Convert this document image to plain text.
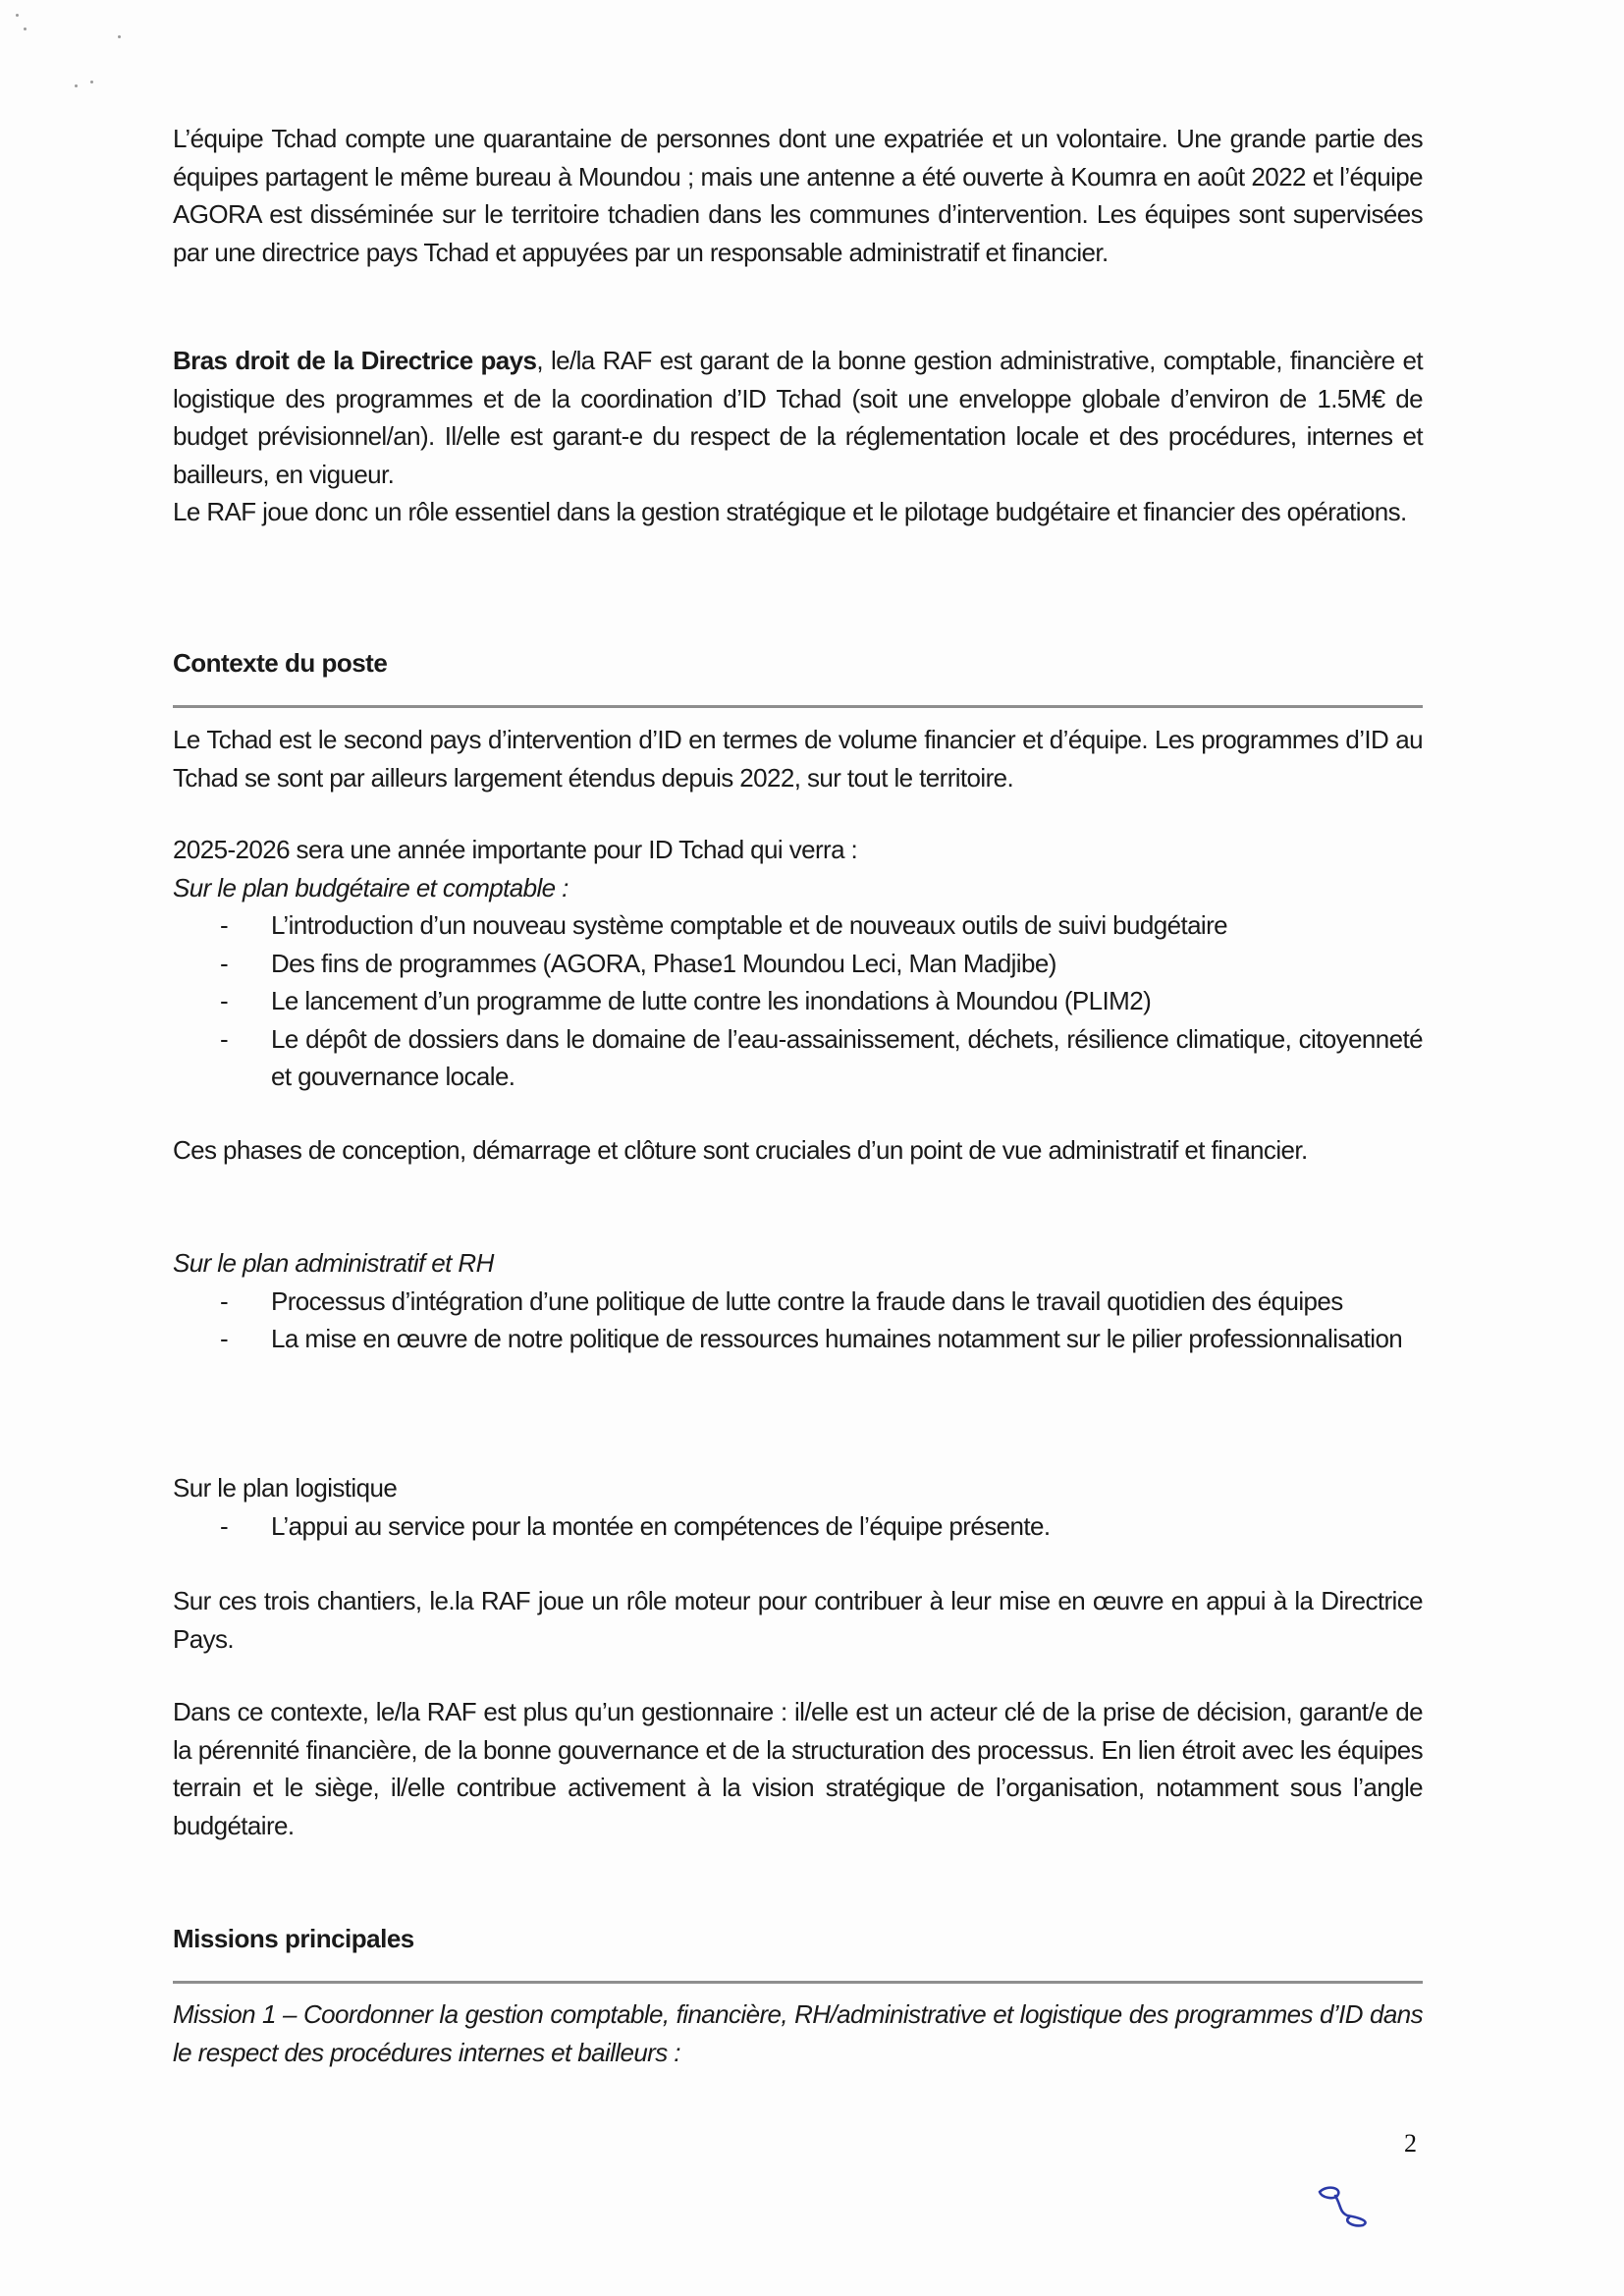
L’équipe Tchad compte une quarantaine de personnes dont une expatriée et un volontaire. Une grande partie des équipes partagent le même bureau à Moundou ; mais une antenne a été ouverte à Koumra en août 2022 et l’équipe AGORA est disséminée sur le territoire tchadien dans les communes d’intervention. Les équipes sont supervisées par une directrice pays Tchad et appuyées par un responsable administratif et financier.

Bras droit de la Directrice pays, le/la RAF est garant de la bonne gestion administrative, comptable, financière et logistique des programmes et de la coordination d’ID Tchad (soit une enveloppe globale d’environ de 1.5M€ de budget prévisionnel/an). Il/elle est garant-e du respect de la réglementation locale et des procédures, internes et bailleurs, en vigueur.

Le RAF joue donc un rôle essentiel dans la gestion stratégique et le pilotage budgétaire et financier des opérations.

Contexte du poste

Le Tchad est le second pays d’intervention d’ID en termes de volume financier et d’équipe. Les programmes d’ID au Tchad se sont par ailleurs largement étendus depuis 2022, sur tout le territoire.

2025-2026 sera une année importante pour ID Tchad qui verra :

Sur le plan budgétaire et comptable :

- L’introduction d’un nouveau système comptable et de nouveaux outils de suivi budgétaire
- Des fins de programmes (AGORA, Phase1 Moundou Leci, Man Madjibe)
- Le lancement d’un programme de lutte contre les inondations à Moundou (PLIM2)
- Le dépôt de dossiers dans le domaine de l’eau-assainissement, déchets, résilience climatique, citoyenneté et gouvernance locale.

Ces phases de conception, démarrage et clôture sont cruciales d’un point de vue administratif et financier.

Sur le plan administratif et RH

- Processus d’intégration d’une politique de lutte contre la fraude dans le travail quotidien des équipes
- La mise en œuvre de notre politique de ressources humaines notamment sur le pilier professionnalisation

Sur le plan logistique

- L’appui au service pour la montée en compétences de l’équipe présente.

Sur ces trois chantiers, le.la RAF joue un rôle moteur pour contribuer à leur mise en œuvre en appui à la Directrice Pays.

Dans ce contexte, le/la RAF est plus qu’un gestionnaire : il/elle est un acteur clé de la prise de décision, garant/e de la pérennité financière, de la bonne gouvernance et de la structuration des processus. En lien étroit avec les équipes terrain et le siège, il/elle contribue activement à la vision stratégique de l’organisation, notamment sous l’angle budgétaire.

Missions principales

Mission 1 – Coordonner la gestion comptable, financière, RH/administrative et logistique des programmes d’ID dans le respect des procédures internes et bailleurs :

2
